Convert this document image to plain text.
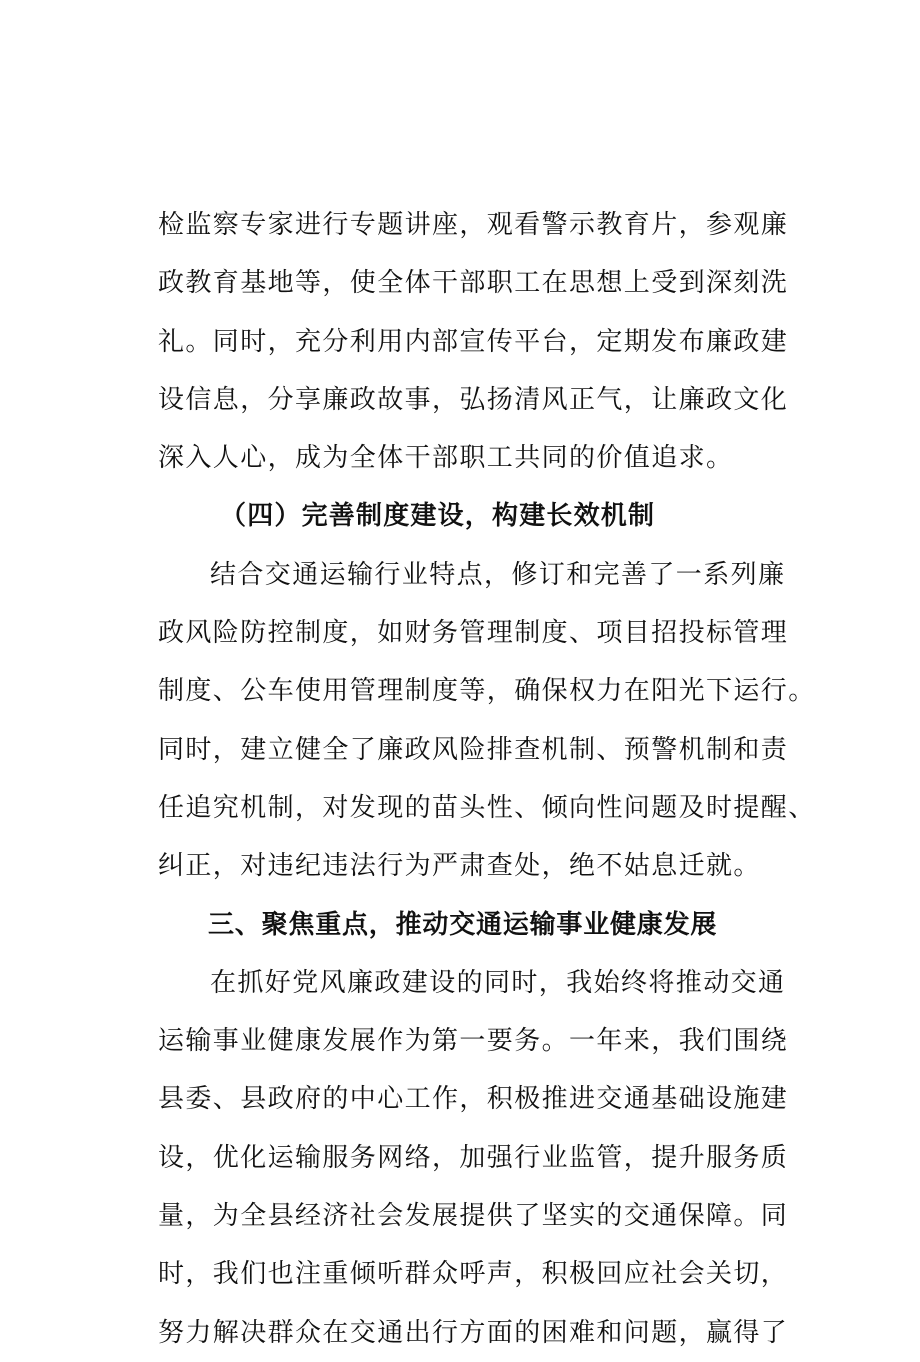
检监察专家进行专题讲座，观看警示教育片，参观廉
政教育基地等，使全体干部职工在思想上受到深刻洗
礼。同时，充分利用内部宣传平台，定期发布廉政建
设信息，分享廉政故事，弘扬清风正气，让廉政文化
深入人心，成为全体干部职工共同的价值追求。
（四）完善制度建设，构建长效机制
结合交通运输行业特点，修订和完善了一系列廉
政风险防控制度，如财务管理制度、项目招投标管理
制度、公车使用管理制度等，确保权力在阳光下运行。
同时，建立健全了廉政风险排查机制、预警机制和责
任追究机制，对发现的苗头性、倾向性问题及时提醒、
纠正，对违纪违法行为严肃查处，绝不姑息迁就。
三、聚焦重点，推动交通运输事业健康发展
在抓好党风廉政建设的同时，我始终将推动交通
运输事业健康发展作为第一要务。一年来，我们围绕
县委、县政府的中心工作，积极推进交通基础设施建
设，优化运输服务网络，加强行业监管，提升服务质
量，为全县经济社会发展提供了坚实的交通保障。同
时，我们也注重倾听群众呼声，积极回应社会关切，
努力解决群众在交通出行方面的困难和问题，赢得了
